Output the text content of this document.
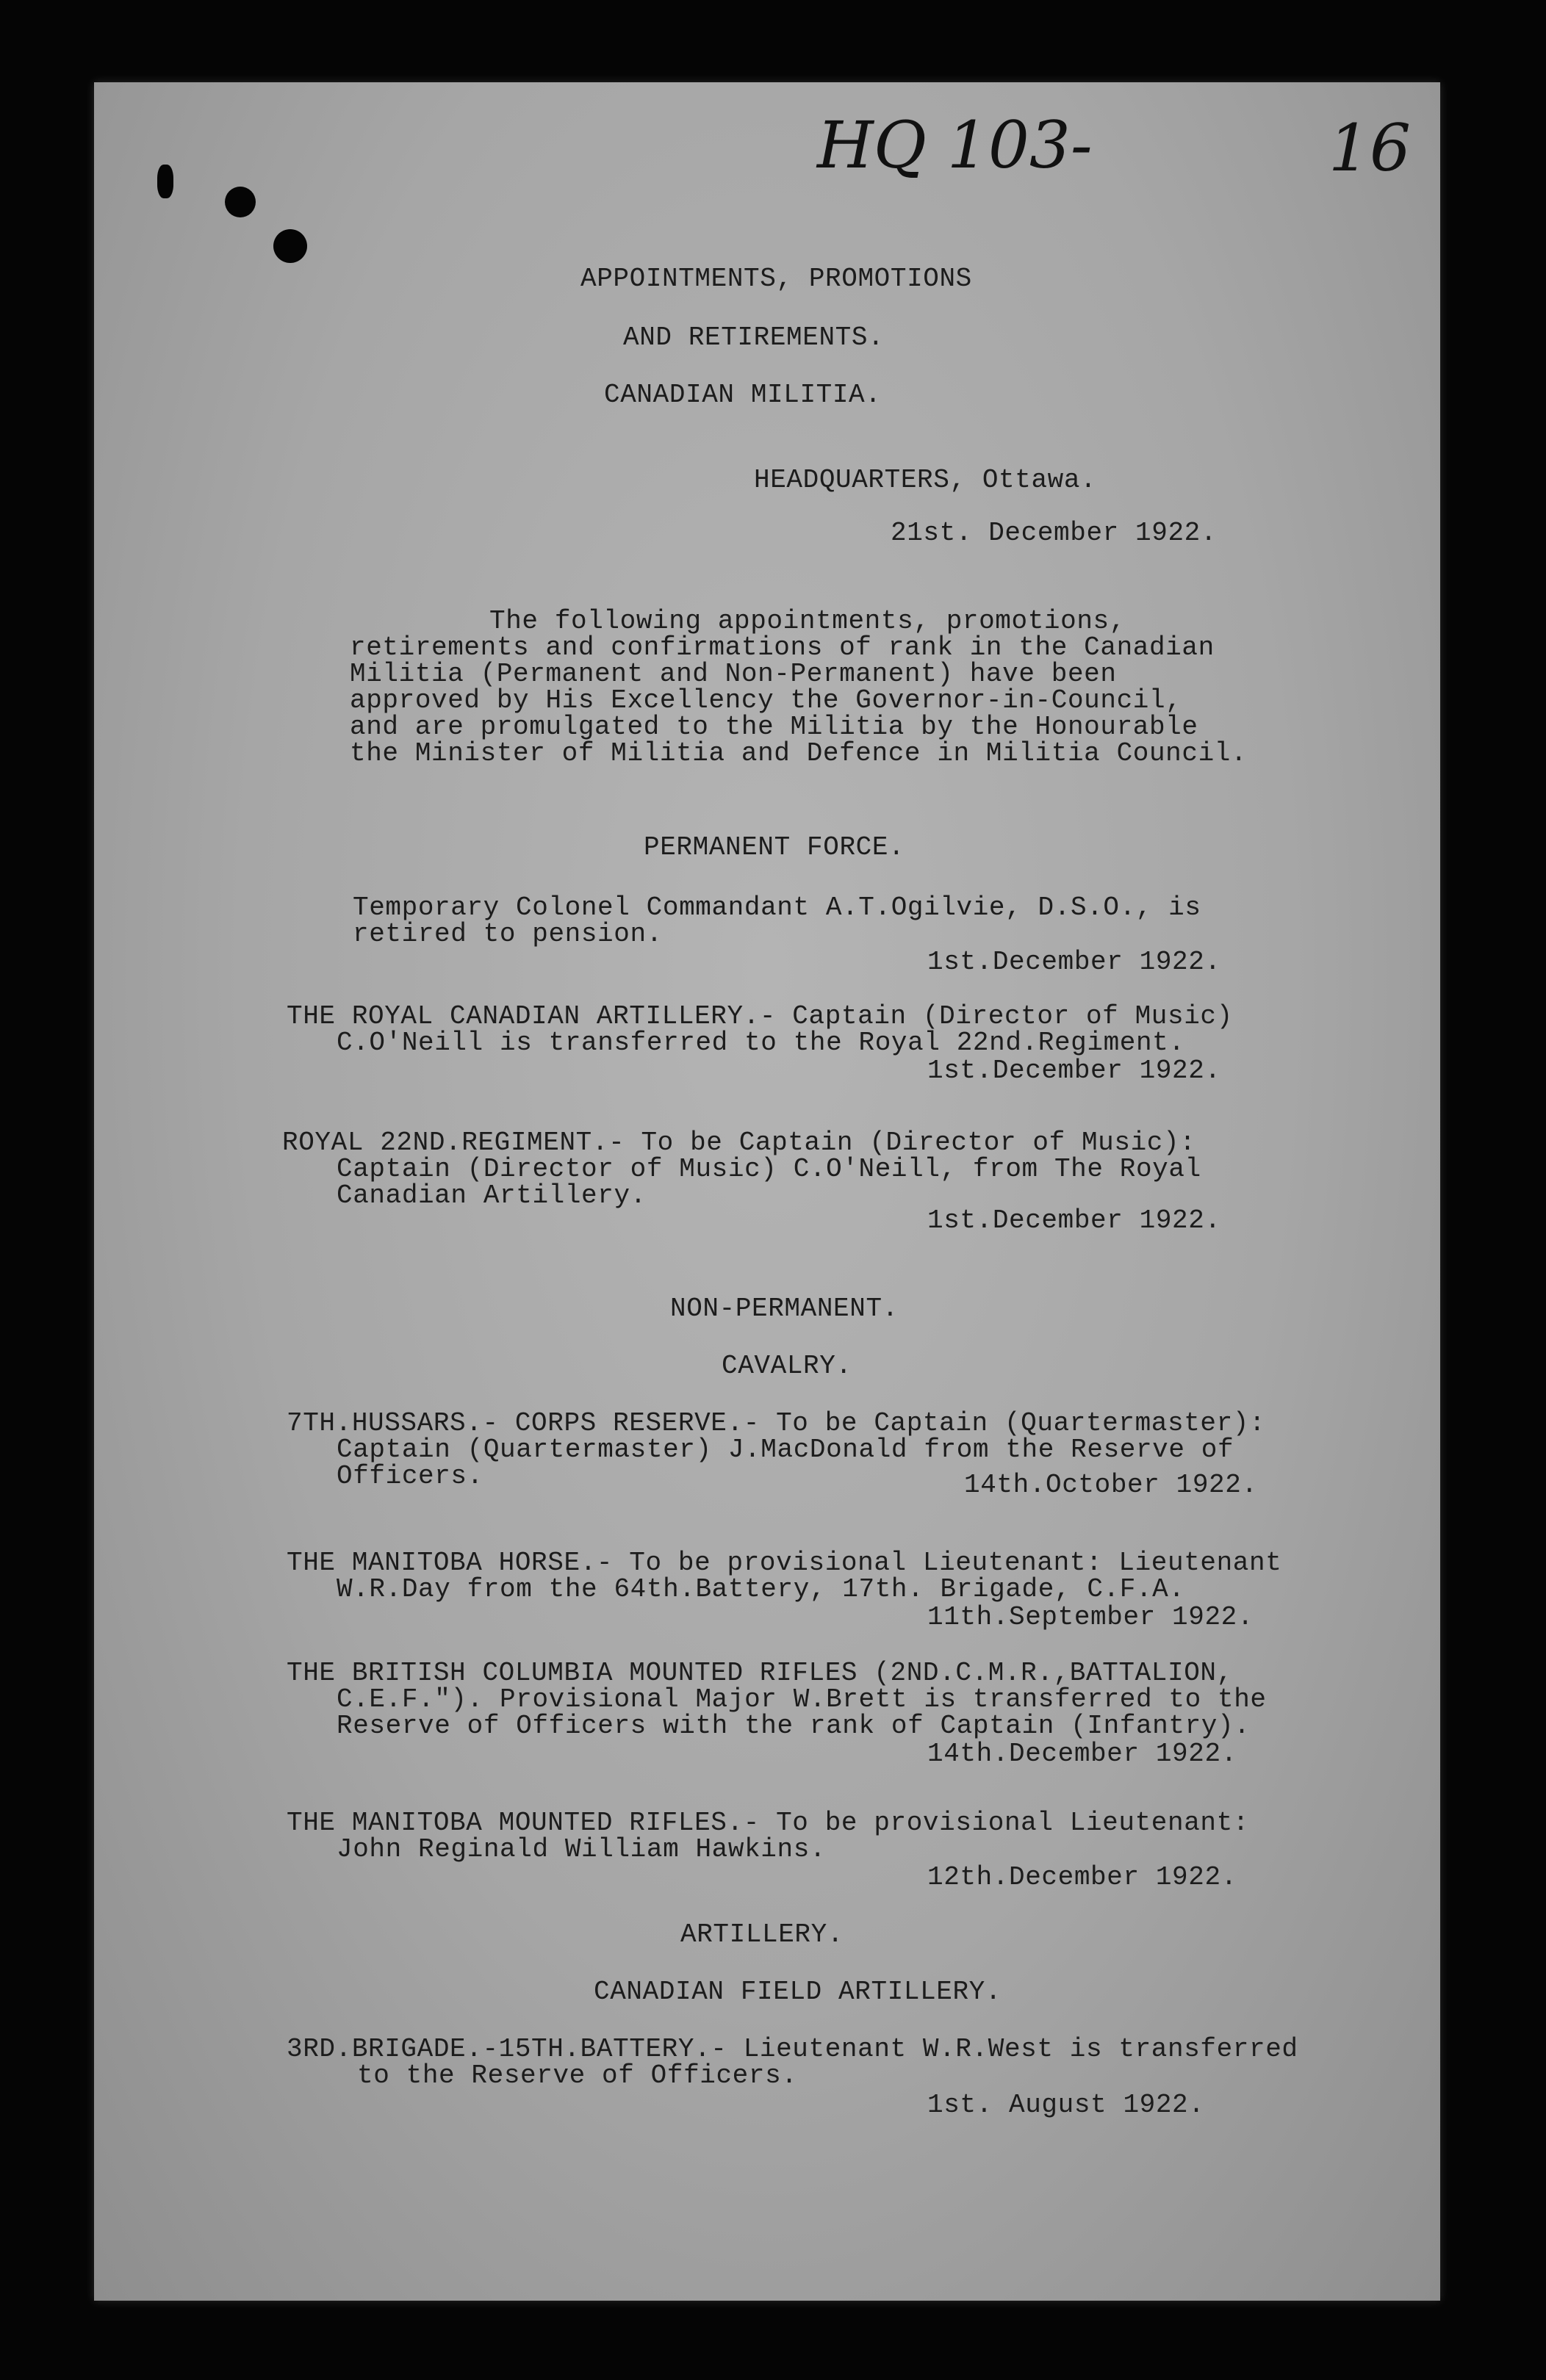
HQ 103-	16
APPOINTMENTS, PROMOTIONS
AND RETIREMENTS.
CANADIAN MILITIA.
HEADQUARTERS, Ottawa.
21st. December 1922.
The following appointments, promotions,
retirements and confirmations of rank in the Canadian
Militia (Permanent and Non-Permanent) have been
approved by His Excellency the Governor-in-Council,
and are promulgated to the Militia by the Honourable
the Minister of Militia and Defence in Militia Council.
PERMANENT FORCE.
Temporary Colonel Commandant A.T.Ogilvie, D.S.O., is
retired to pension.
1st.December 1922.
THE ROYAL CANADIAN ARTILLERY.- Captain (Director of Music)
C.O'Neill is transferred to the Royal 22nd.Regiment.
1st.December 1922.
ROYAL 22ND.REGIMENT.- To be Captain (Director of Music):
Captain (Director of Music) C.O'Neill, from The Royal
Canadian Artillery.
1st.December 1922.
NON-PERMANENT.
CAVALRY.
7TH.HUSSARS.- CORPS RESERVE.- To be Captain (Quartermaster):
Captain (Quartermaster) J.MacDonald from the Reserve of
Officers.	14th.October 1922.
THE MANITOBA HORSE.- To be provisional Lieutenant: Lieutenant
W.R.Day from the 64th.Battery, 17th. Brigade, C.F.A.
11th.September 1922.
THE BRITISH COLUMBIA MOUNTED RIFLES (2ND.C.M.R.,BATTALION,
C.E.F."). Provisional Major W.Brett is transferred to the
Reserve of Officers with the rank of Captain (Infantry).
14th.December 1922.
THE MANITOBA MOUNTED RIFLES.- To be provisional Lieutenant:
John Reginald William Hawkins.
12th.December 1922.
ARTILLERY.
CANADIAN FIELD ARTILLERY.
3RD.BRIGADE.-15TH.BATTERY.- Lieutenant W.R.West is transferred
to the Reserve of Officers.
1st. August 1922.
